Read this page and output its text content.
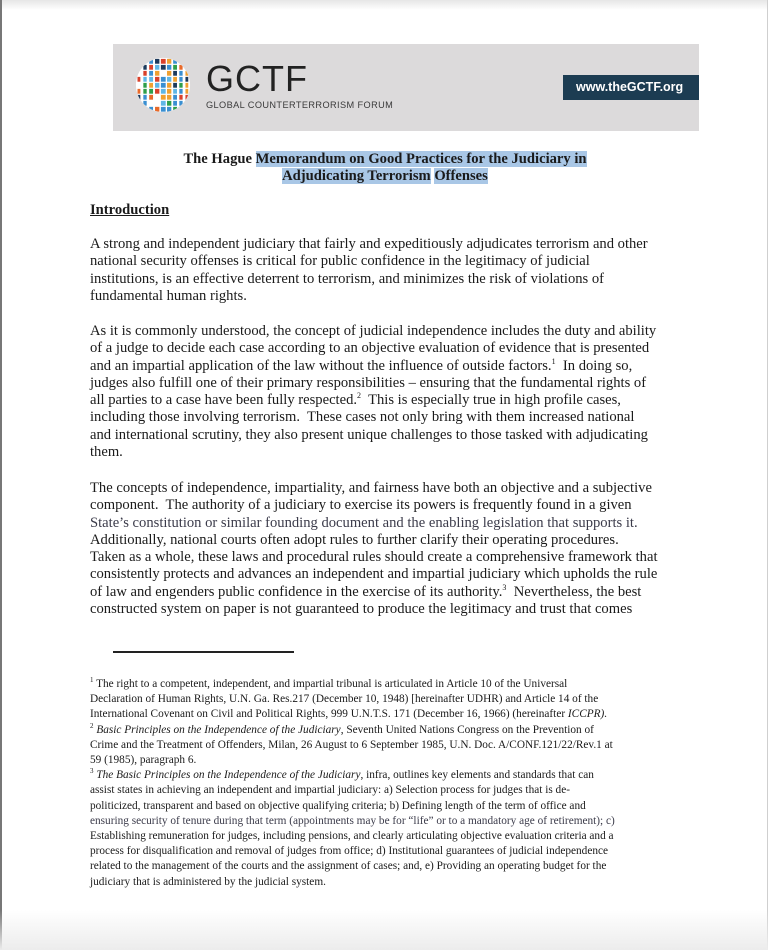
GCTF
GLOBAL COUNTERTERRORISM FORUM
www.theGCTF.org
The Hague Memorandum on Good Practices for the Judiciary in
Adjudicating Terrorism Offenses
Introduction
A strong and independent judiciary that fairly and expeditiously adjudicates terrorism and other
national security offenses is critical for public confidence in the legitimacy of judicial
institutions, is an effective deterrent to terrorism, and minimizes the risk of violations of
fundamental human rights.
As it is commonly understood, the concept of judicial independence includes the duty and ability
of a judge to decide each case according to an objective evaluation of evidence that is presented
and an impartial application of the law without the influence of outside factors.$^1$  In doing so,
judges also fulfill one of their primary responsibilities – ensuring that the fundamental rights of
all parties to a case have been fully respected.$^2$  This is especially true in high profile cases,
including those involving terrorism.  These cases not only bring with them increased national
and international scrutiny, they also present unique challenges to those tasked with adjudicating
them.
The concepts of independence, impartiality, and fairness have both an objective and a subjective
component.  The authority of a judiciary to exercise its powers is frequently found in a given
State’s constitution or similar founding document and the enabling legislation that supports it.
Additionally, national courts often adopt rules to further clarify their operating procedures.
Taken as a whole, these laws and procedural rules should create a comprehensive framework that
consistently protects and advances an independent and impartial judiciary which upholds the rule
of law and engenders public confidence in the exercise of its authority.$^3$  Nevertheless, the best
constructed system on paper is not guaranteed to produce the legitimacy and trust that comes
$^1$ The right to a competent, independent, and impartial tribunal is articulated in Article 10 of the Universal
Declaration of Human Rights, U.N. Ga. Res.217 (December 10, 1948) [hereinafter UDHR) and Article 14 of the
International Covenant on Civil and Political Rights, 999 U.N.T.S. 171 (December 16, 1966) (hereinafter ICCPR).
$^2$ Basic Principles on the Independence of the Judiciary, Seventh United Nations Congress on the Prevention of
Crime and the Treatment of Offenders, Milan, 26 August to 6 September 1985, U.N. Doc. A/CONF.121/22/Rev.1 at
59 (1985), paragraph 6.
$^3$ The Basic Principles on the Independence of the Judiciary, infra, outlines key elements and standards that can
assist states in achieving an independent and impartial judiciary: a) Selection process for judges that is de-
politicized, transparent and based on objective qualifying criteria; b) Defining length of the term of office and
ensuring security of tenure during that term (appointments may be for “life” or to a mandatory age of retirement); c)
Establishing remuneration for judges, including pensions, and clearly articulating objective evaluation criteria and a
process for disqualification and removal of judges from office; d) Institutional guarantees of judicial independence
related to the management of the courts and the assignment of cases; and, e) Providing an operating budget for the
judiciary that is administered by the judicial system.
